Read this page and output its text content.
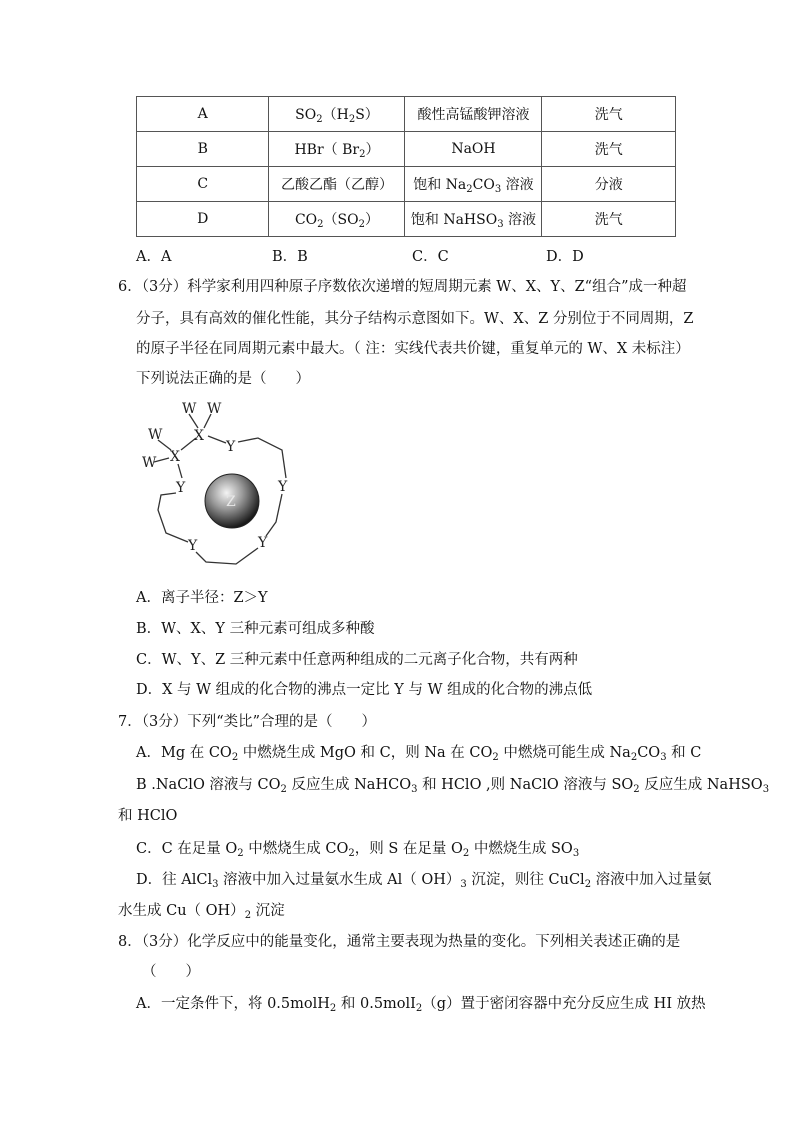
A	$SO_2(H_2S)$	酸性高锰酸钾溶液	洗气
B	HBr（ $Br_2$）	NaOH	洗气
C	乙酸乙酯（乙醇）	饱和 $Na_2CO_3$ 溶液	分液
D	$CO_2(SO_2)$	饱和 NaHSO$_3$ 溶液	洗气
A．A	B．B	C．C	D．D
6．（3分）科学家利用四种原子序数依次递增的短周期元素 W、X、Y、Z“组合”成一种超
分子，具有高效的催化性能，其分子结构示意图如下。W、X、Z 分别位于不同周期，Z
的原子半径在同周期元素中最大。（ 注：实线代表共价键，重复单元的 W、X 未标注）
下列说法正确的是（　　）
W W
W
W
X
X
Y
Y	Y
Y
Y
Z
A．离子半径：Z＞Y
B．W、X、Y 三种元素可组成多种酸
C．W、Y、Z 三种元素中任意两种组成的二元离子化合物，共有两种
D．X 与 W 组成的化合物的沸点一定比 Y 与 W 组成的化合物的沸点低
7．（3分）下列“类比”合理的是（　　）
A．Mg 在 $CO_2$ 中燃烧生成 MgO 和 C，则 Na 在 $CO_2$ 中燃烧可能生成 $Na_2CO_3$ 和 C
B .NaClO 溶液与 $CO_2$ 反应生成 NaHCO$_3$ 和 HClO ,则 NaClO 溶液与 $SO_2$ 反应生成 NaHSO$_3$
和 HClO
C．C 在足量 $O_2$ 中燃烧生成 $CO_2$，则 S 在足量 $O_2$ 中燃烧生成 $SO_3$
D．往 AlCl$_3$ 溶液中加入过量氨水生成 Al（ $OH)_3$ 沉淀，则往 CuCl$_2$ 溶液中加入过量氨
水生成 Cu（ $OH)_2$ 沉淀
8．（3分）化学反应中的能量变化，通常主要表现为热量的变化。下列相关表述正确的是
（　　）
A．一定条件下，将 0.5molH$_2$ 和 0.5molI$_2$（g）置于密闭容器中充分反应生成 HI 放热
